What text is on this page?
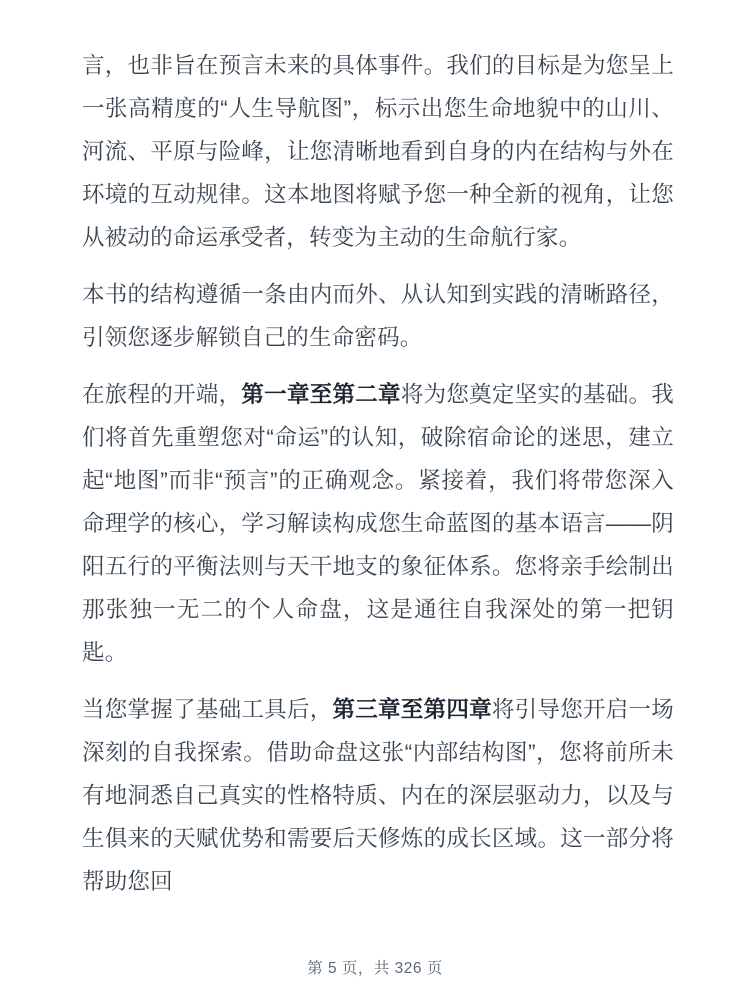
言，也非旨在预言未来的具体事件。我们的目标是为您呈上一张高精度的“人生导航图”，标示出您生命地貌中的山川、河流、平原与险峰，让您清晰地看到自身的内在结构与外在环境的互动规律。这本地图将赋予您一种全新的视角，让您从被动的命运承受者，转变为主动的生命航行家。

本书的结构遵循一条由内而外、从认知到实践的清晰路径，引领您逐步解锁自己的生命密码。

在旅程的开端，第一章至第二章将为您奠定坚实的基础。我们将首先重塑您对“命运”的认知，破除宿命论的迷思，建立起“地图”而非“预言”的正确观念。紧接着，我们将带您深入命理学的核心，学习解读构成您生命蓝图的基本语言——阴阳五行的平衡法则与天干地支的象征体系。您将亲手绘制出那张独一无二的个人命盘，这是通往自我深处的第一把钥匙。

当您掌握了基础工具后，第三章至第四章将引导您开启一场深刻的自我探索。借助命盘这张“内部结构图”，您将前所未有地洞悉自己真实的性格特质、内在的深层驱动力，以及与生俱来的天赋优势和需要后天修炼的成长区域。这一部分将帮助您回

第 5 页，共 326 页
